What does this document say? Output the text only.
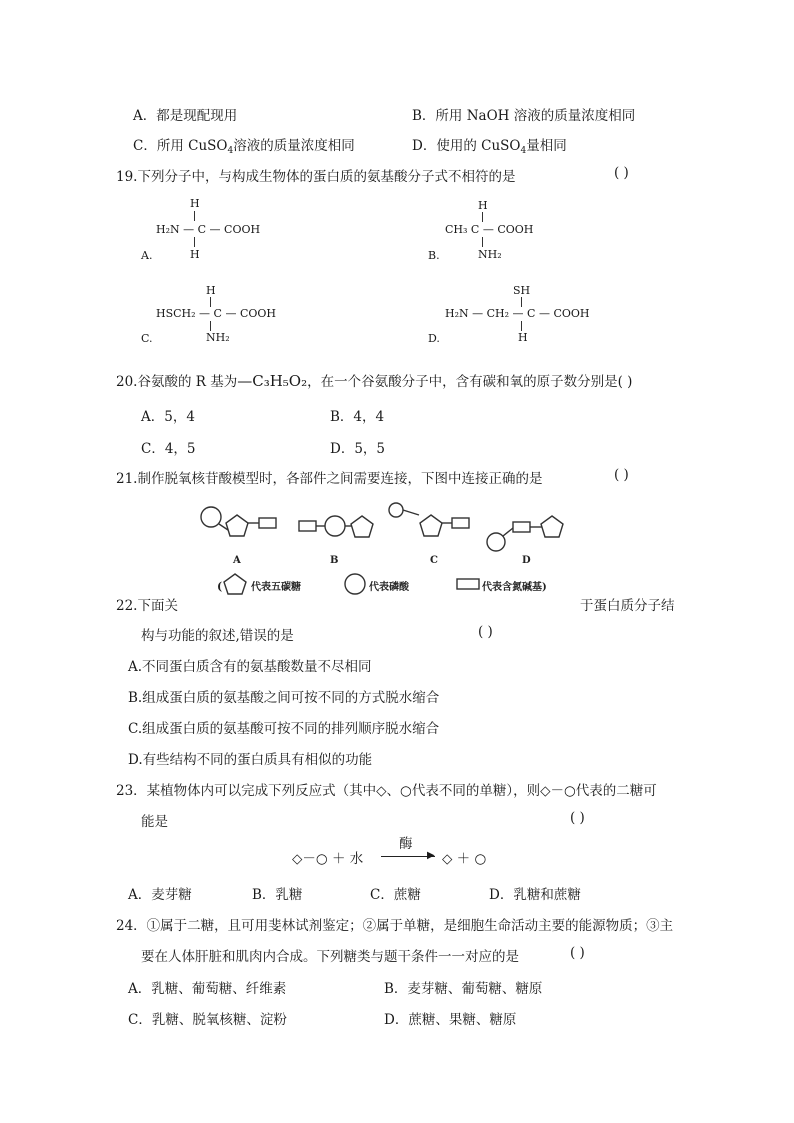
A．都是现配现用	B．所用 NaOH 溶液的质量浓度相同
C．所用 CuSO$_4$溶液的质量浓度相同	D．使用的 CuSO$_4$量相同
19.下列分子中，与构成生物体的蛋白质的氨基酸分子式不相符的是	( )
H
H₂N — C — COOH
H
A.
H
CH₃ C — COOH
NH₂
B.
H
HSCH₂ — C — COOH
NH₂
C.
SH
H₂N — CH₂ — C — COOH
H
D.
20.谷氨酸的 R 基为—C₃H₅O₂，在一个谷氨酸分子中，含有碳和氧的原子数分别是( )
A．5，4	B．4，4
C．4，5	D．5，5
21.制作脱氧核苷酸模型时，各部件之间需要连接，下图中连接正确的是	( )
A	B	C	D
(	代表五碳糖	代表磷酸	代表含氮碱基)
22.下面关	于蛋白质分子结
构与功能的叙述,错误的是	( )
A.不同蛋白质含有的氨基酸数量不尽相同
B.组成蛋白质的氨基酸之间可按不同的方式脱水缩合
C.组成蛋白质的氨基酸可按不同的排列顺序脱水缩合
D.有些结构不同的蛋白质具有相似的功能
23．某植物体内可以完成下列反应式（其中◇、○代表不同的单糖），则◇－○代表的二糖可
能是	( )
◇－○ ＋ 水
酶
▶ ◇ ＋ ○
A．麦芽糖	B．乳糖	C．蔗糖	D．乳糖和蔗糖
24．①属于二糖，且可用斐林试剂鉴定；②属于单糖，是细胞生命活动主要的能源物质；③主
要在人体肝脏和肌肉内合成。下列糖类与题干条件一一对应的是	( )
A．乳糖、葡萄糖、纤维素	B．麦芽糖、葡萄糖、糖原
C．乳糖、脱氧核糖、淀粉	D．蔗糖、果糖、糖原
